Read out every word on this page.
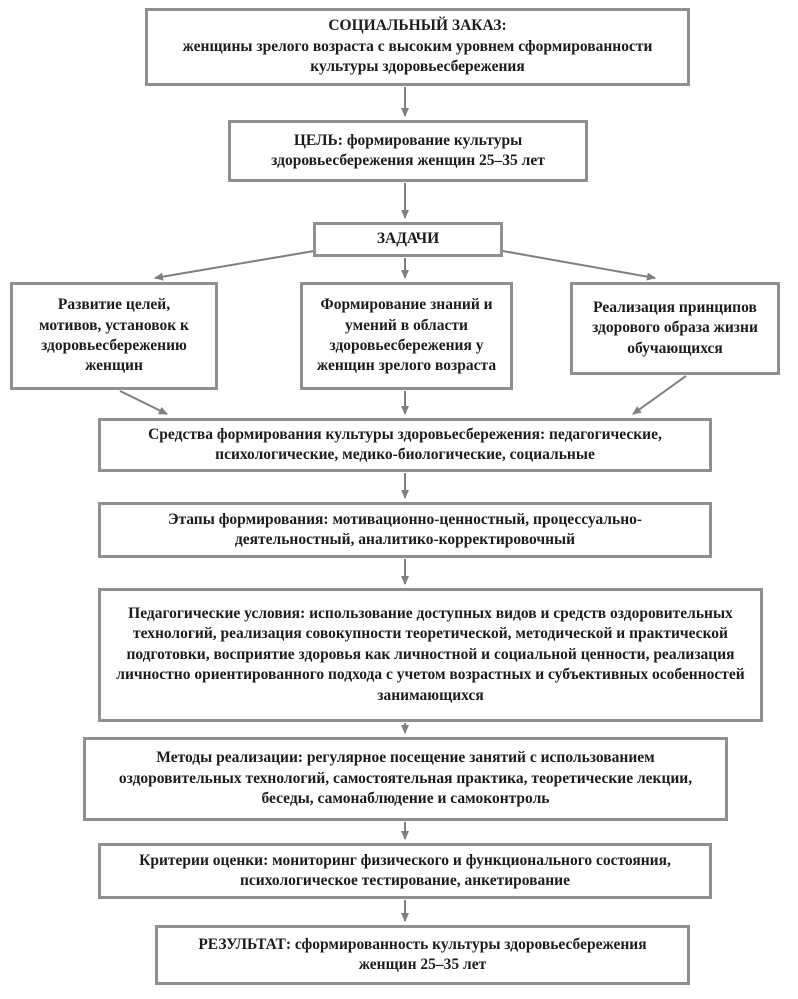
СОЦИАЛЬНЫЙ ЗАКАЗ:
женщины зрелого возраста с высоким уровнем сформированности культуры здоровьесбережения
ЦЕЛЬ: формирование культуры здоровьесбережения женщин 25–35 лет
ЗАДАЧИ
Развитие целей, мотивов, установок к здоровьесбережению женщин
Формирование знаний и умений в области здоровьесбережения у женщин зрелого возраста
Реализация принципов здорового образа жизни обучающихся
Средства формирования культуры здоровьесбережения: педагогические, психологические, медико-биологические, социальные
Этапы формирования: мотивационно-ценностный, процессуально-деятельностный, аналитико-корректировочный
Педагогические условия: использование доступных видов и средств оздоровительных технологий, реализация совокупности теоретической, методической и практической подготовки, восприятие здоровья как личностной и социальной ценности, реализация личностно ориентированного подхода с учетом возрастных и субъективных особенностей занимающихся
Методы реализации: регулярное посещение занятий с использованием оздоровительных технологий, самостоятельная практика, теоретические лекции, беседы, самонаблюдение и самоконтроль
Критерии оценки: мониторинг физического и функционального состояния, психологическое тестирование, анкетирование
РЕЗУЛЬТАТ: сформированность культуры здоровьесбережения женщин 25–35 лет
